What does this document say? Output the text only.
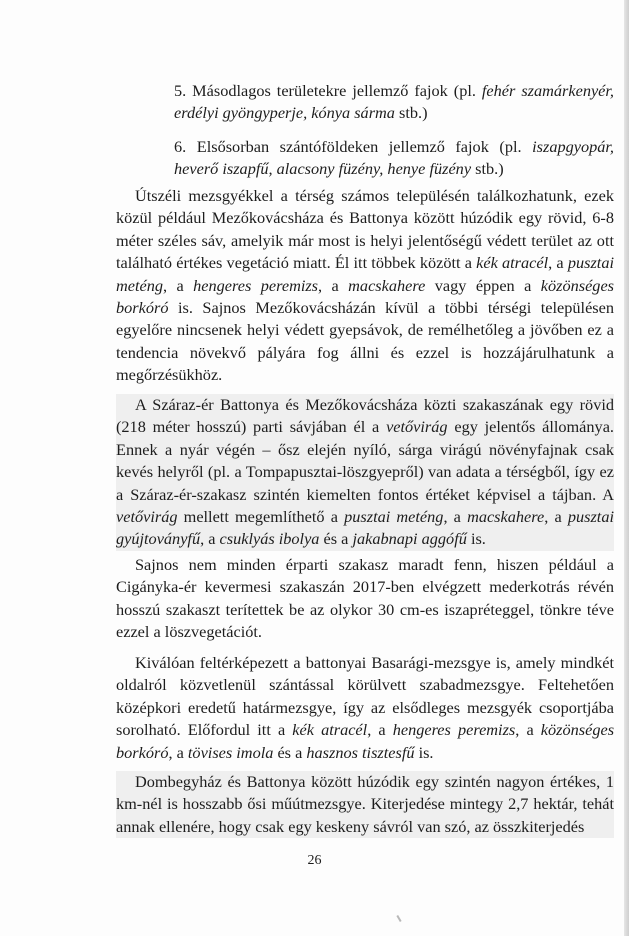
5. Másodlagos területekre jellemző fajok (pl. fehér szamárkenyér, erdélyi gyöngyperje, kónya sárma stb.)
6. Elsősorban szántóföldeken jellemző fajok (pl. iszapgyopár, heverő iszapfű, alacsony füzény, henye füzény stb.)

Útszéli mezsgyékkel a térség számos településén találkozhatunk, ezek közül például Mezőkovácsháza és Battonya között húzódik egy rövid, 6-8 méter széles sáv, amelyik már most is helyi jelentőségű védett terület az ott található értékes vegetáció miatt. Él itt többek között a kék atracél, a pusztai meténg, a hengeres peremizs, a macskahere vagy éppen a közönséges borkóró is. Sajnos Mezőkovácsházán kívül a többi térségi településen egyelőre nincsenek helyi védett gyepsávok, de remélhetőleg a jövőben ez a tendencia növekvő pályára fog állni és ezzel is hozzájárulhatunk a megőrzésükhöz.

A Száraz-ér Battonya és Mezőkovácsháza közti szakaszának egy rövid (218 méter hosszú) parti sávjában él a vetővirág egy jelentős állománya. Ennek a nyár végén – ősz elején nyíló, sárga virágú növényfajnak csak kevés helyről (pl. a Tompapusztai-löszgyepről) van adata a térségből, így ez a Száraz-ér-szakasz szintén kiemelten fontos értéket képvisel a tájban. A vetővirág mellett megemlíthető a pusztai meténg, a macskahere, a pusztai gyújtoványfű, a csuklyás ibolya és a jakabnapi aggófű is.

Sajnos nem minden érparti szakasz maradt fenn, hiszen például a Cigányka-ér kevermesi szakaszán 2017-ben elvégzett mederkotrás révén hosszú szakaszt terítettek be az olykor 30 cm-es iszapréteggel, tönkre téve ezzel a löszvegetációt.

Kiválóan feltérképezett a battonyai Basarági-mezsgye is, amely mindkét oldalról közvetlenül szántással körülvett szabadmezsgye. Feltehetően középkori eredetű határmezsgye, így az elsődleges mezsgyék csoportjába sorolható. Előfordul itt a kék atracél, a hengeres peremizs, a közönséges borkóró, a tövises imola és a hasznos tisztesfű is.

Dombegyház és Battonya között húzódik egy szintén nagyon értékes, 1 km-nél is hosszabb ősi műútmezsgye. Kiterjedése mintegy 2,7 hektár, tehát annak ellenére, hogy csak egy keskeny sávról van szó, az összkiterjedés

26
